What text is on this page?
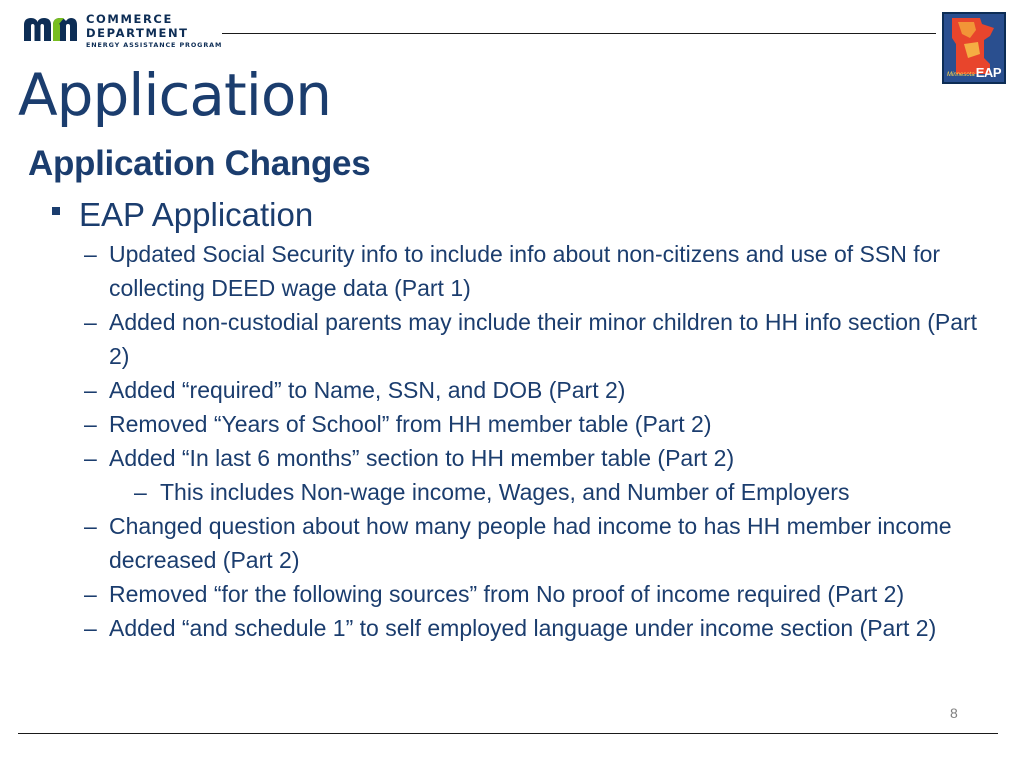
COMMERCE
DEPARTMENT
ENERGY ASSISTANCE PROGRAM
Minnesota EAP
Application
Application Changes
EAP Application
– Updated Social Security info to include info about non-citizens and use of SSN for collecting DEED wage data (Part 1)
– Added non-custodial parents may include their minor children to HH info section (Part 2)
– Added “required” to Name, SSN, and DOB (Part 2)
– Removed “Years of School” from HH member table (Part 2)
– Added “In last 6 months” section to HH member table (Part 2)
– This includes Non-wage income, Wages, and Number of Employers
– Changed question about how many people had income to has HH member income decreased (Part 2)
– Removed “for the following sources” from No proof of income required (Part 2)
– Added “and schedule 1” to self employed language under income section (Part 2)
8
